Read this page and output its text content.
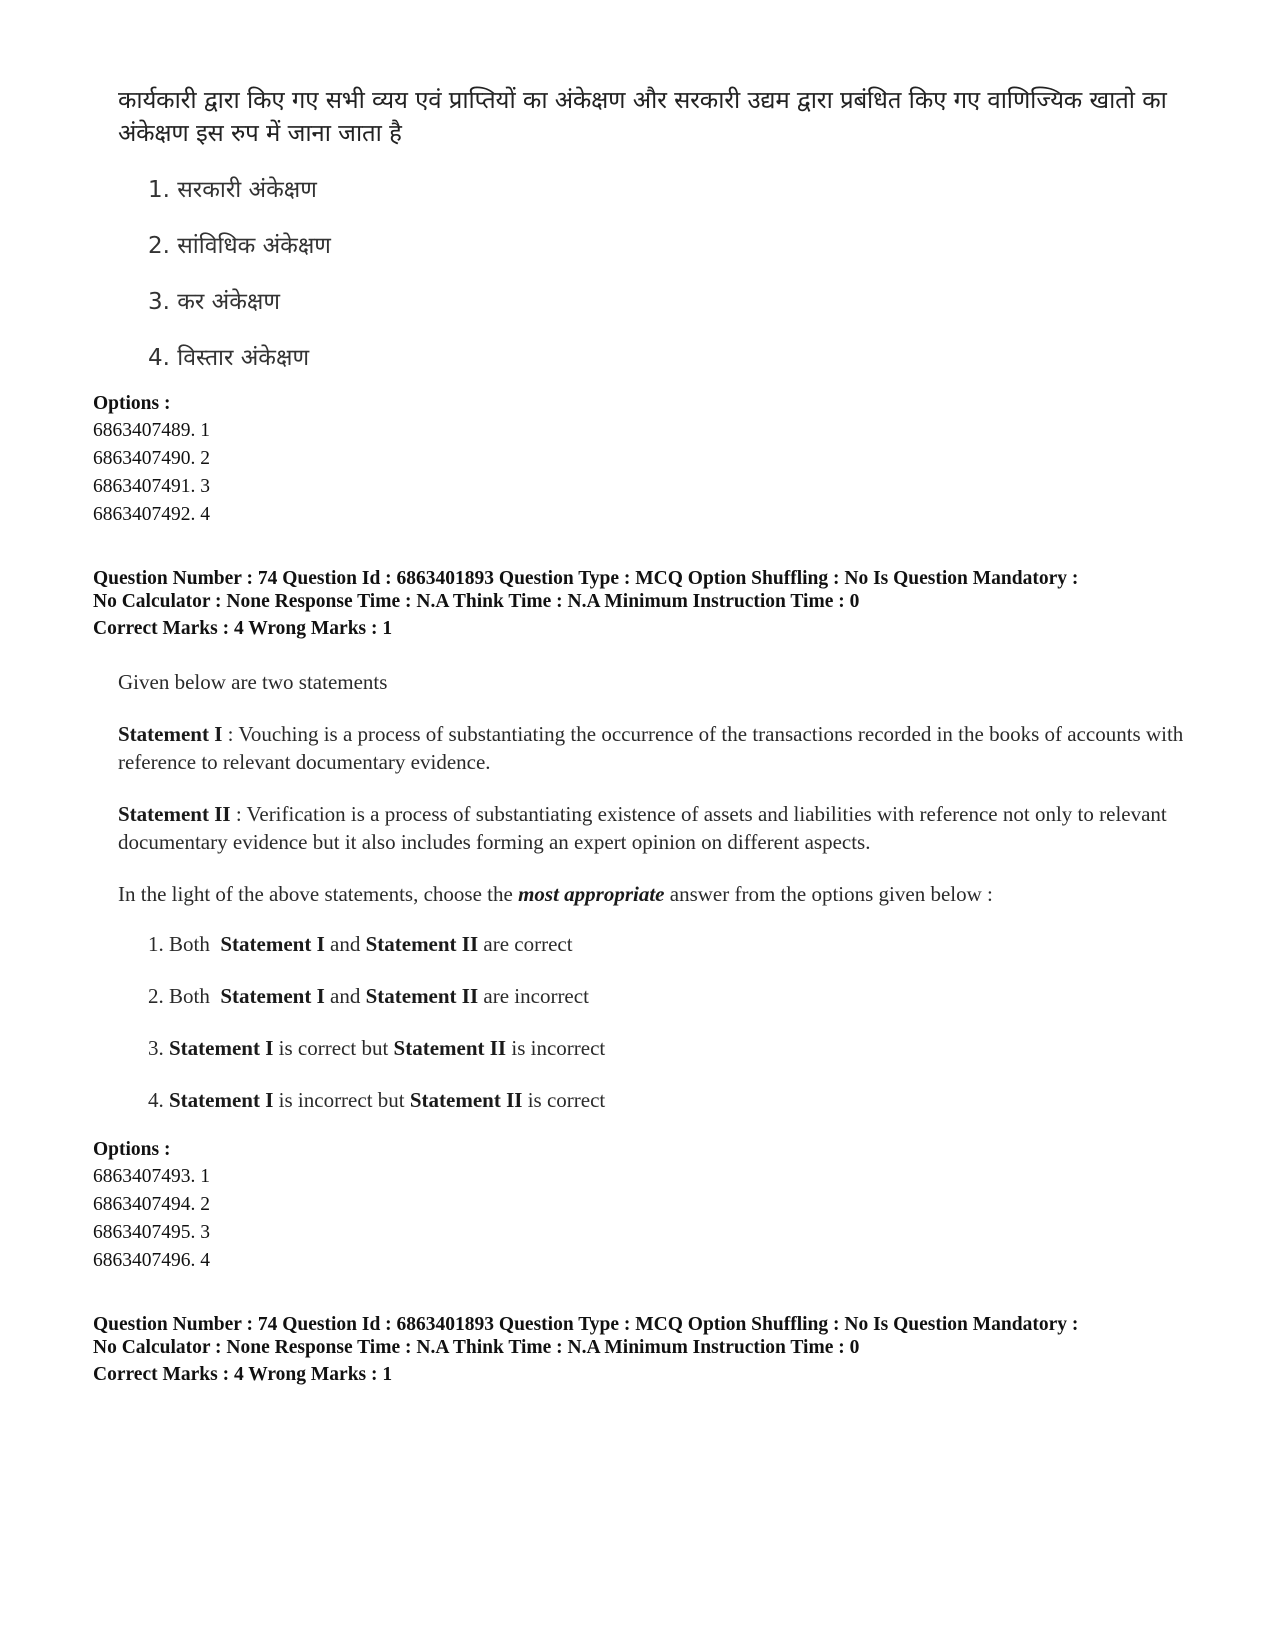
कार्यकारी द्वारा किए गए सभी व्यय एवं प्राप्तियों का अंकेक्षण और सरकारी उद्यम द्वारा प्रबंधित किए गए वाणिज्यिक खातो का अंकेक्षण इस रुप में जाना जाता है
1. सरकारी अंकेक्षण
2. सांविधिक अंकेक्षण
3. कर अंकेक्षण
4. विस्तार अंकेक्षण
Options :
6863407489. 1
6863407490. 2
6863407491. 3
6863407492. 4
Question Number : 74 Question Id : 6863401893 Question Type : MCQ Option Shuffling : No Is Question Mandatory :
No Calculator : None Response Time : N.A Think Time : N.A Minimum Instruction Time : 0
Correct Marks : 4 Wrong Marks : 1
Given below are two statements
Statement I : Vouching is a process of substantiating the occurrence of the transactions recorded in the books of accounts with reference to relevant documentary evidence.
Statement II : Verification is a process of substantiating existence of assets and liabilities with reference not only to relevant documentary evidence but it also includes forming an expert opinion on different aspects.
In the light of the above statements, choose the most appropriate answer from the options given below :
1. Both  Statement I and Statement II are correct
2. Both  Statement I and Statement II are incorrect
3. Statement I is correct but Statement II is incorrect
4. Statement I is incorrect but Statement II is correct
Options :
6863407493. 1
6863407494. 2
6863407495. 3
6863407496. 4
Question Number : 74 Question Id : 6863401893 Question Type : MCQ Option Shuffling : No Is Question Mandatory :
No Calculator : None Response Time : N.A Think Time : N.A Minimum Instruction Time : 0
Correct Marks : 4 Wrong Marks : 1
